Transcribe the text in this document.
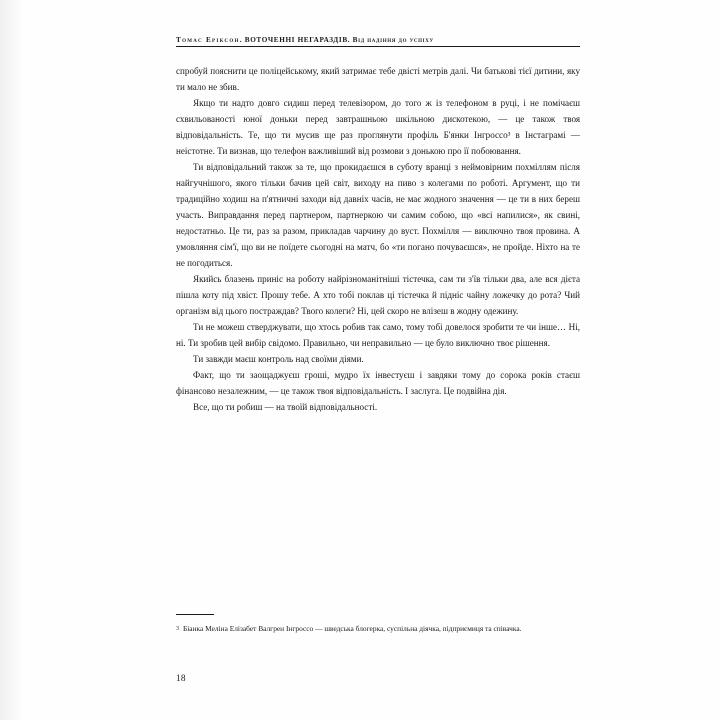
Томас Еріксон. ВОТОЧЕННІ НЕГАРАЗДІВ. Від падіння до успіху

спробуй пояснити це поліцейському, який затримає тебе двісті метрів далі. Чи батькові тієї дитини, яку ти мало не збив.

Якщо ти надто довго сидиш перед телевізором, до того ж із телефоном в руці, і не помічаєш схвильованості юної доньки перед завтрашньою шкільною дискотекою, — це також твоя відповідальність. Те, що ти мусив ще раз проглянути профіль Б'янки Інгроссо³ в Інстаграмі — неістотне. Ти визнав, що телефон важливіший від розмови з донькою про її побоювання.

Ти відповідальний також за те, що прокидаєшся в суботу вранці з неймовірним похміллям після найгучнішого, якого тільки бачив цей світ, виходу на пиво з колегами по роботі. Аргумент, що ти традиційно ходиш на п'ятничні заходи від давніх часів, не має жодного значення — це ти в них береш участь. Виправдання перед партнером, партнеркою чи самим собою, що «всі напилися», як свині, недостатньо. Це ти, раз за разом, прикладав чарчину до вуст. Похмілля — виключно твоя провина. А умовляння сім'ї, що ви не поїдете сьогодні на матч, бо «ти погано почуваєшся», не пройде. Ніхто на те не погодиться.

Якийсь блазень приніс на роботу найрізноманітніші тістечка, сам ти з'їв тільки два, але вся дієта пішла коту під хвіст. Прошу тебе. А хто тобі поклав ці тістечка й підніс чайну ложечку до рота? Чий організм від цього постраждав? Твого колеги? Ні, цей скоро не влізеш в жодну одежину.

Ти не можеш стверджувати, що хтось робив так само, тому тобі довелося зробити те чи інше… Ні, ні. Ти зробив цей вибір свідомо. Правильно, чи неправильно — це було виключно твоє рішення.

Ти завжди маєш контроль над своїми діями.

Факт, що ти заощаджуєш гроші, мудро їх інвестуєш і завдяки тому до сорока років стаєш фінансово незалежним, — це також твоя відповідальність. І заслуга. Це подвійна дія.

Все, що ти робиш — на твоїй відповідальності.

3 Біанка Меліна Елізабет Валгрен Інгроссо — шведська блогерка, суспільна діячка, підприємиця та співачка.
18
